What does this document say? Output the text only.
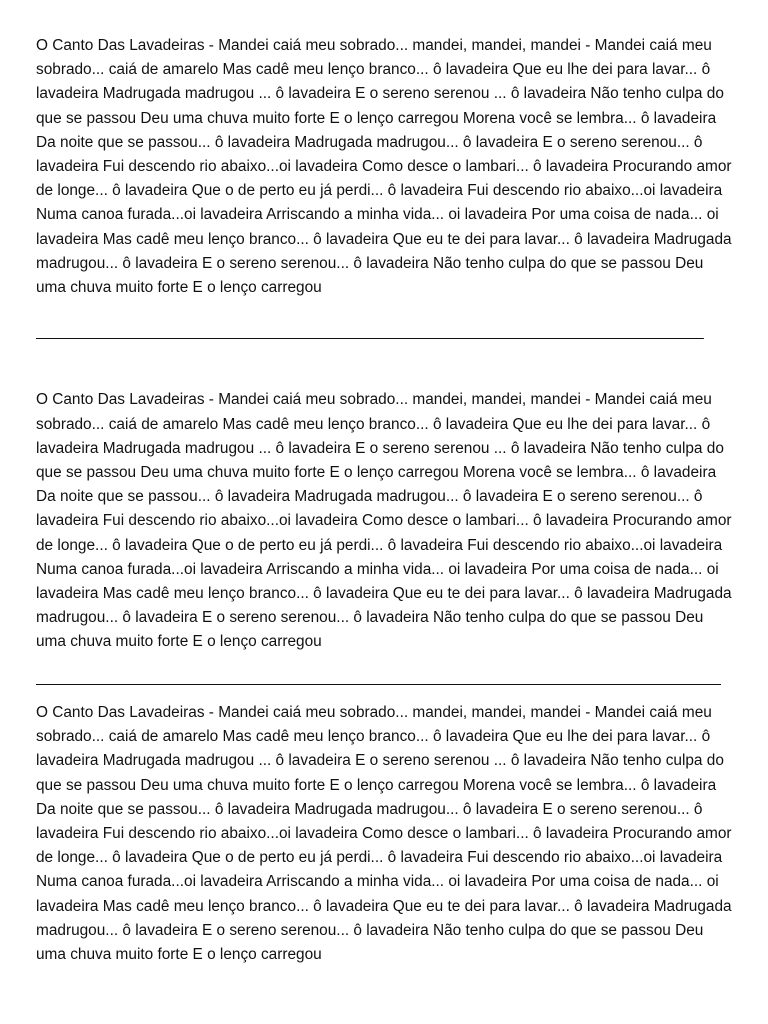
O Canto Das Lavadeiras - Mandei caiá meu sobrado... mandei, mandei, mandei - Mandei caiá meu sobrado... caiá de amarelo Mas cadê meu lenço branco... ô lavadeira Que eu lhe dei para lavar... ô lavadeira Madrugada madrugou ... ô lavadeira E o sereno serenou ... ô lavadeira Não tenho culpa do que se passou Deu uma chuva muito forte E o lenço carregou Morena você se lembra... ô lavadeira Da noite que se passou... ô lavadeira Madrugada madrugou... ô lavadeira E o sereno serenou... ô lavadeira Fui descendo rio abaixo...oi lavadeira Como desce o lambari... ô lavadeira Procurando amor de longe... ô lavadeira Que o de perto eu já perdi... ô lavadeira Fui descendo rio abaixo...oi lavadeira Numa canoa furada...oi lavadeira Arriscando a minha vida... oi lavadeira Por uma coisa de nada... oi lavadeira Mas cadê meu lenço branco... ô lavadeira Que eu te dei para lavar... ô lavadeira Madrugada madrugou... ô lavadeira E o sereno serenou... ô lavadeira Não tenho culpa do que se passou Deu uma chuva muito forte E o lenço carregou

______________________________________________________________________________

O Canto Das Lavadeiras - Mandei caiá meu sobrado... mandei, mandei, mandei - Mandei caiá meu sobrado... caiá de amarelo Mas cadê meu lenço branco... ô lavadeira Que eu lhe dei para lavar... ô lavadeira Madrugada madrugou ... ô lavadeira E o sereno serenou ... ô lavadeira Não tenho culpa do que se passou Deu uma chuva muito forte E o lenço carregou Morena você se lembra... ô lavadeira Da noite que se passou... ô lavadeira Madrugada madrugou... ô lavadeira E o sereno serenou... ô lavadeira Fui descendo rio abaixo...oi lavadeira Como desce o lambari... ô lavadeira Procurando amor de longe... ô lavadeira Que o de perto eu já perdi... ô lavadeira Fui descendo rio abaixo...oi lavadeira Numa canoa furada...oi lavadeira Arriscando a minha vida... oi lavadeira Por uma coisa de nada... oi lavadeira Mas cadê meu lenço branco... ô lavadeira Que eu te dei para lavar... ô lavadeira Madrugada madrugou... ô lavadeira E o sereno serenou... ô lavadeira Não tenho culpa do que se passou Deu uma chuva muito forte E o lenço carregou

O Canto Das Lavadeiras - Mandei caiá meu sobrado... mandei, mandei, mandei - Mandei caiá meu sobrado... caiá de amarelo Mas cadê meu lenço branco... ô lavadeira Que eu lhe dei para lavar... ô lavadeira Madrugada madrugou ... ô lavadeira E o sereno serenou ... ô lavadeira Não tenho culpa do que se passou Deu uma chuva muito forte E o lenço carregou Morena você se lembra... ô lavadeira Da noite que se passou... ô lavadeira Madrugada madrugou... ô lavadeira E o sereno serenou... ô lavadeira Fui descendo rio abaixo...oi lavadeira Como desce o lambari... ô lavadeira Procurando amor de longe... ô lavadeira Que o de perto eu já perdi... ô lavadeira Fui descendo rio abaixo...oi lavadeira Numa canoa furada...oi lavadeira Arriscando a minha vida... oi lavadeira Por uma coisa de nada... oi lavadeira Mas cadê meu lenço branco... ô lavadeira Que eu te dei para lavar... ô lavadeira Madrugada madrugou... ô lavadeira E o sereno serenou... ô lavadeira Não tenho culpa do que se passou Deu uma chuva muito forte E o lenço carregou
